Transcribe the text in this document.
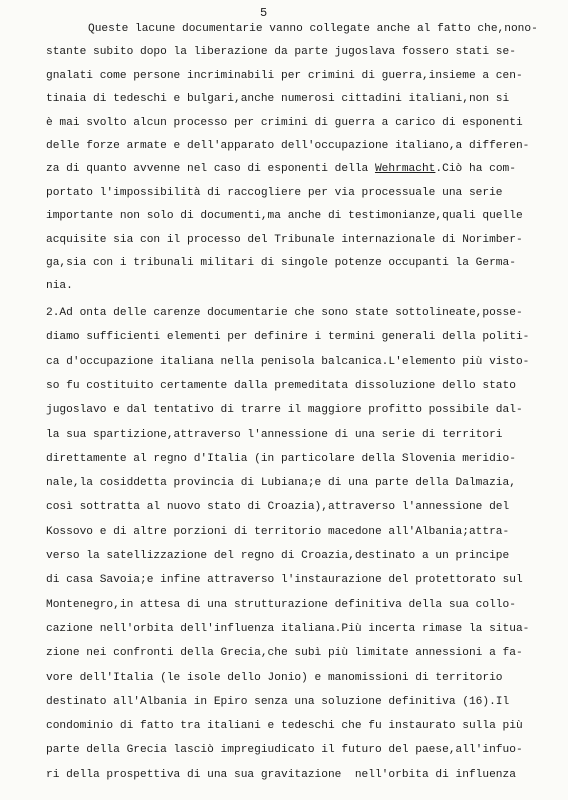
5
Queste lacune documentarie vanno collegate anche al fatto che,nono-
stante subito dopo la liberazione da parte jugoslava fossero stati se-
gnalati come persone incriminabili per crimini di guerra,insieme a cen-
tinaia di tedeschi e bulgari,anche numerosi cittadini italiani,non si
è mai svolto alcun processo per crimini di guerra a carico di esponenti
delle forze armate e dell'apparato dell'occupazione italiano,a differen-
za di quanto avvenne nel caso di esponenti della Wehrmacht.Ciò ha com-
portato l'impossibilità di raccogliere per via processuale una serie
importante non solo di documenti,ma anche di testimonianze,quali quelle
acquisite sia con il processo del Tribunale internazionale di Norimber-
ga,sia con i tribunali militari di singole potenze occupanti la Germa-
nia.
2.Ad onta delle carenze documentarie che sono state sottolineate,posse-
diamo sufficienti elementi per definire i termini generali della politi-
ca d'occupazione italiana nella penisola balcanica.L'elemento più visto-
so fu costituito certamente dalla premeditata dissoluzione dello stato
jugoslavo e dal tentativo di trarre il maggiore profitto possibile dal-
la sua spartizione,attraverso l'annessione di una serie di territori
direttamente al regno d'Italia (in particolare della Slovenia meridio-
nale,la cosiddetta provincia di Lubiana;e di una parte della Dalmazia,
così sottratta al nuovo stato di Croazia),attraverso l'annessione del
Kossovo e di altre porzioni di territorio macedone all'Albania;attra-
verso la satellizzazione del regno di Croazia,destinato a un principe
di casa Savoia;e infine attraverso l'instaurazione del protettorato sul
Montenegro,in attesa di una strutturazione definitiva della sua collo-
cazione nell'orbita dell'influenza italiana.Più incerta rimase la situa-
zione nei confronti della Grecia,che subì più limitate annessioni a fa-
vore dell'Italia (le isole dello Jonio) e manomissioni di territorio
destinato all'Albania in Epiro senza una soluzione definitiva (16).Il
condominio di fatto tra italiani e tedeschi che fu instaurato sulla più
parte della Grecia lasciò impregiudicato il futuro del paese,all'infuo-
ri della prospettiva di una sua gravitazione  nell'orbita di influenza
